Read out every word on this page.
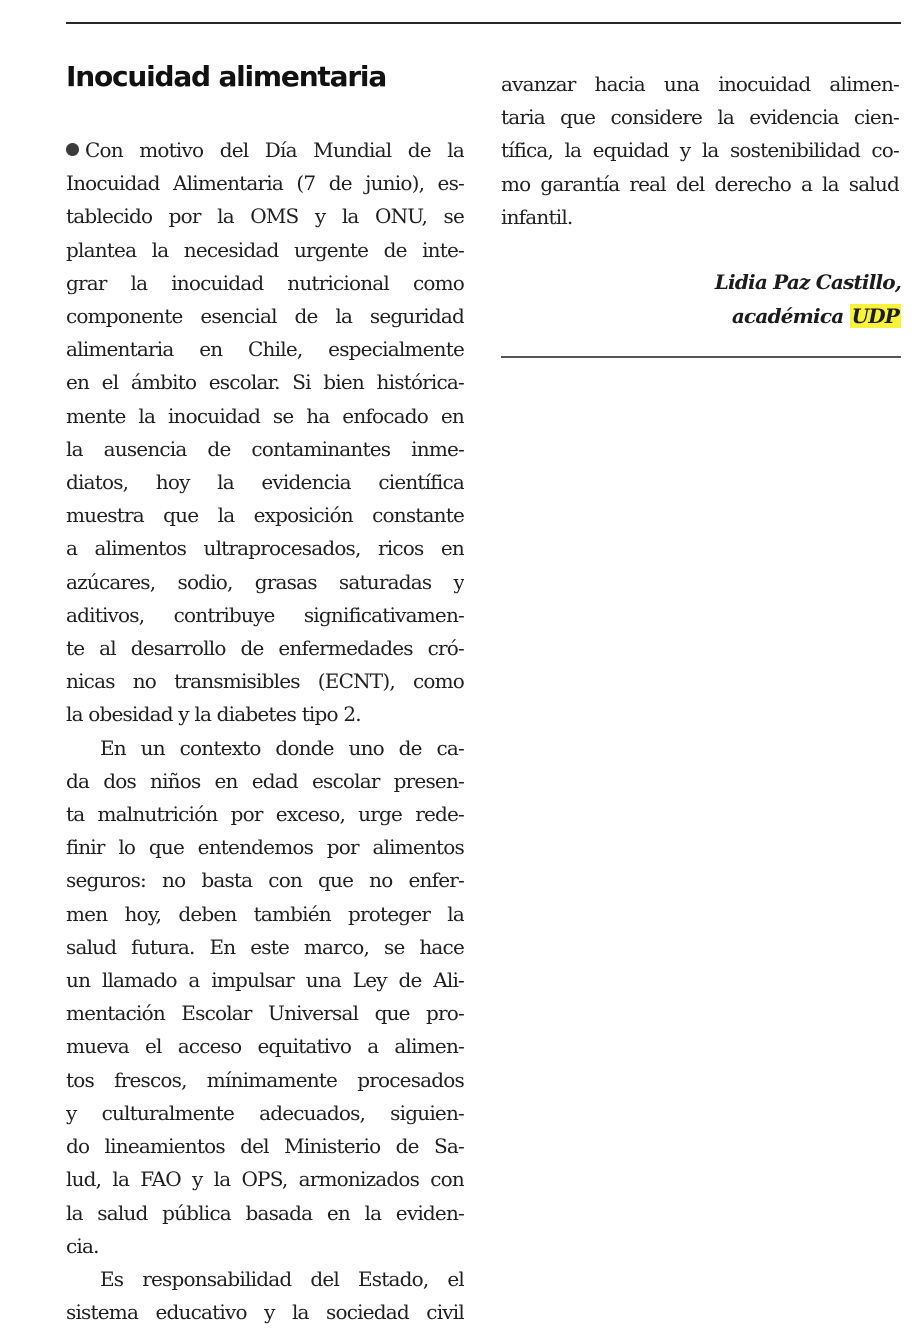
Inocuidad alimentaria
Con motivo del Día Mundial de la
Inocuidad Alimentaria (7 de junio), es-
tablecido por la OMS y la ONU, se
plantea la necesidad urgente de inte-
grar la inocuidad nutricional como
componente esencial de la seguridad
alimentaria en Chile, especialmente
en el ámbito escolar. Si bien histórica-
mente la inocuidad se ha enfocado en
la ausencia de contaminantes inme-
diatos, hoy la evidencia científica
muestra que la exposición constante
a alimentos ultraprocesados, ricos en
azúcares, sodio, grasas saturadas y
aditivos, contribuye significativamen-
te al desarrollo de enfermedades cró-
nicas no transmisibles (ECNT), como
la obesidad y la diabetes tipo 2.
En un contexto donde uno de ca-
da dos niños en edad escolar presen-
ta malnutrición por exceso, urge rede-
finir lo que entendemos por alimentos
seguros: no basta con que no enfer-
men hoy, deben también proteger la
salud futura. En este marco, se hace
un llamado a impulsar una Ley de Ali-
mentación Escolar Universal que pro-
mueva el acceso equitativo a alimen-
tos frescos, mínimamente procesados
y culturalmente adecuados, siguien-
do lineamientos del Ministerio de Sa-
lud, la FAO y la OPS, armonizados con
la salud pública basada en la eviden-
cia.
Es responsabilidad del Estado, el
sistema educativo y la sociedad civil
avanzar hacia una inocuidad alimen-
taria que considere la evidencia cien-
tífica, la equidad y la sostenibilidad co-
mo garantía real del derecho a la salud
infantil.
Lidia Paz Castillo,
académica UDP
